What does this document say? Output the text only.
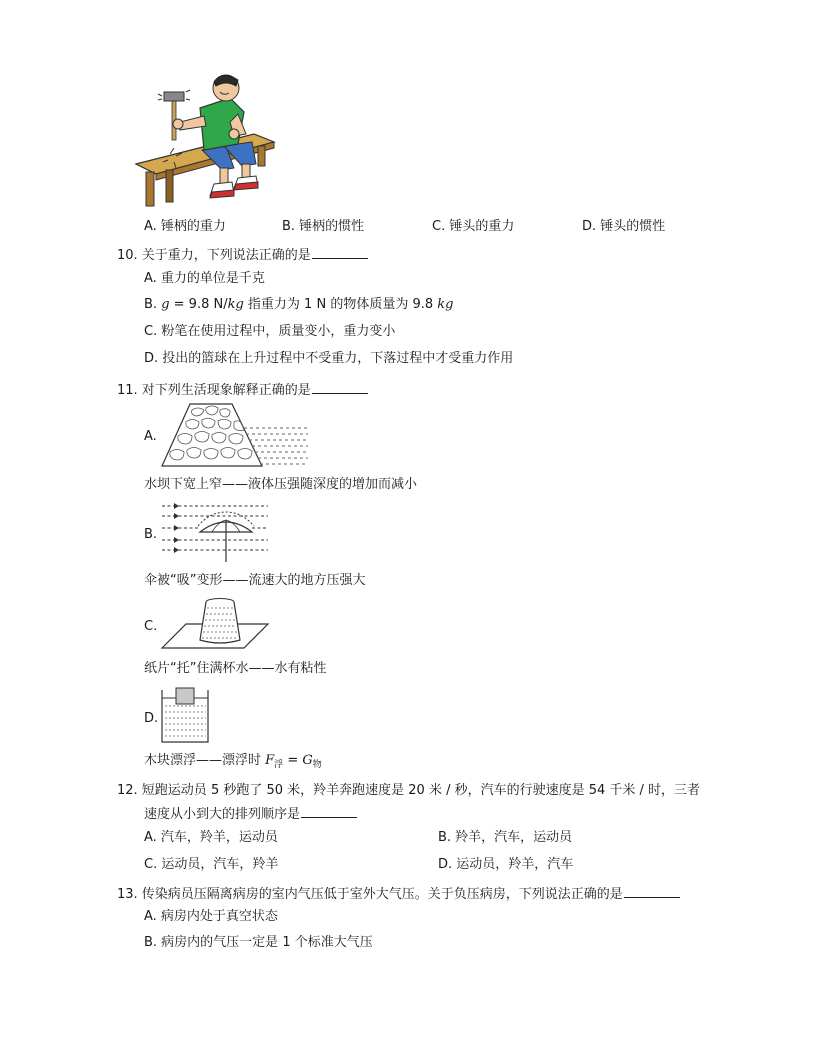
A. 锤柄的重力	B. 锤柄的惯性	C. 锤头的重力	D. 锤头的惯性
10. 关于重力，下列说法正确的是
A. 重力的单位是千克
B. g = 9.8 N/kg 指重力为 1 N 的物体质量为 9.8 kg
C. 粉笔在使用过程中，质量变小，重力变小
D. 投出的篮球在上升过程中不受重力，下落过程中才受重力作用
11. 对下列生活现象解释正确的是
A.
水坝下宽上窄——液体压强随深度的增加而减小
B.
伞被“吸”变形——流速大的地方压强大
C.
纸片“托”住满杯水——水有粘性
D.
木块漂浮——漂浮时 $F_浮 = G_物$
12. 短跑运动员 5 秒跑了 50 米，羚羊奔跑速度是 20 米 / 秒，汽车的行驶速度是 54 千米 / 时，三者
速度从小到大的排列顺序是
A. 汽车，羚羊，运动员	B. 羚羊，汽车，运动员
C. 运动员，汽车，羚羊	D. 运动员，羚羊，汽车
13. 传染病员压隔离病房的室内气压低于室外大气压。关于负压病房，下列说法正确的是
A. 病房内处于真空状态
B. 病房内的气压一定是 1 个标准大气压
